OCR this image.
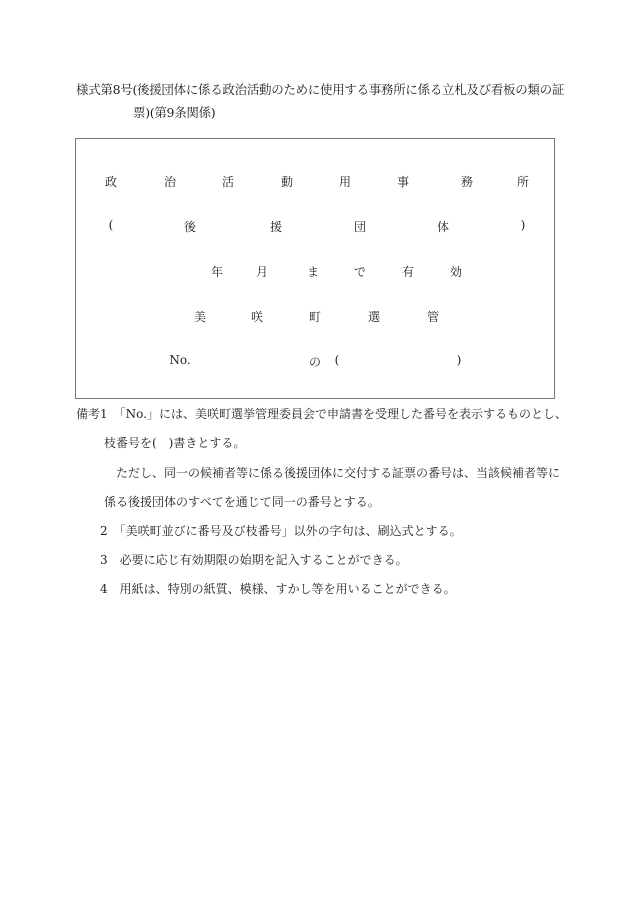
様式第8号(後援団体に係る政治活動のために使用する事務所に係る立札及び看板の類の証
票)(第9条関係)
政	治	活	動	用	事	務	所
(	後	援	団	体	)
年	月	ま	で	有	効
美	咲	町	選	管
No.	の (	)
備考1　「No.」には、美咲町選挙管理委員会で申請書を受理した番号を表示するものとし、
枝番号を(　)書きとする。
ただし、同一の候補者等に係る後援団体に交付する証票の番号は、当該候補者等に
係る後援団体のすべてを通じて同一の番号とする。
2　「美咲町並びに番号及び枝番号」以外の字句は、刷込式とする。
3　必要に応じ有効期限の始期を記入することができる。
4　用紙は、特別の紙質、模様、すかし等を用いることができる。
